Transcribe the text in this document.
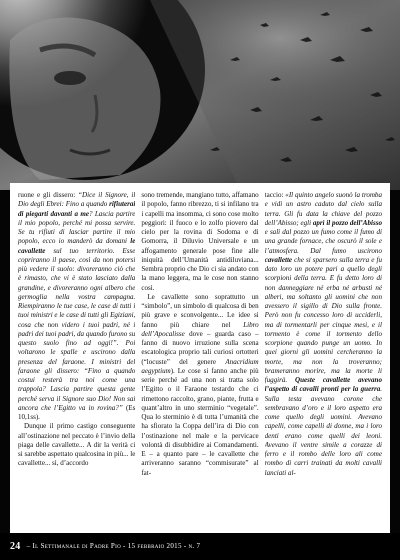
ruone e gli dissero: “Dice il Signore, il Dio degli Ebrei: Fino a quando rifiuterai di piegarti davanti a me? Lascia partire il mio popolo, perché mi possa servire. Se tu rifiuti di lasciar partire il mio popolo, ecco io manderò da domani le cavallette sul tuo territorio. Esse copriranno il paese, così da non potersi più vedere il suolo: divoreranno ciò che è rimasto, che vi è stato lasciato dalla grandine, e divoreranno ogni albero che germoglia nella vostra campagna. Riempiranno le tue case, le case di tutti i tuoi ministri e le case di tutti gli Egiziani, cosa che non videro i tuoi padri, né i padri dei tuoi padri, da quando furono su questo suolo fino ad oggi!”. Poi voltarono le spalle e uscirono dalla presenza del faraone. I ministri del faraone gli dissero: “Fino a quando costui resterà tra noi come una trappola? Lascia partire questa gente perché serva il Signore suo Dio! Non sai ancora che l’Egitto va in rovina?” (Es 10,1ss).

Dunque il primo castigo conseguente all’ostinazione nel peccato è l’invio della piaga delle cavallette... A dir la verità ci si sarebbe aspettato qualcosina in più... le cavallette... sì, d’accordo

sono tremende, mangiano tutto, affamano il popolo, fanno ribrezzo, ti si infilano tra i capelli ma insomma, ci sono cose molto peggiori: il fuoco e lo zolfo piovero dal cielo per la rovina di Sodoma e di Gomorra, il Diluvio Universale e un affogamento generale pose fine alle iniquità dell’Umanità antidiluviana... Sembra proprio che Dio ci sia andato con la mano leggera, ma le cose non stanno così.

Le cavallette sono soprattutto un “simbolo”, un simbolo di qualcosa di ben più grave e sconvolgente... Le idee si fanno più chiare nel Libro dell’Apocalisse dove – guarda caso – fanno di nuovo irruzione sulla scena escatologica proprio tali curiosi ortotteri (“locuste” del genere Anacridium aegyptium). Le cose si fanno anche più serie perché ad una non si tratta solo l’Egitto o il Faraone testardo che ci rimettono raccolto, grano, piante, frutta e quant’altro in uno sterminio “vegetale”. Qua lo sterminio è di tutta l’umanità che ha sfiorato la Coppa dell’ira di Dio con l’ostinazione nel male e la pervicace volontà di disubbidire ai Comandamenti. E – a quanto pare – le cavallette che arriveranno saranno “commisurate” al fat-

taccio: «Il quinto angelo suonò la tromba e vidi un astro caduto dal cielo sulla terra. Gli fu data la chiave del pozzo dell’Abisso; egli aprì il pozzo dell’Abisso e salì dal pozzo un fumo come il fumo di una grande fornace, che oscurò il sole e l’atmosfera. Dal fumo uscirono cavallette che si sparsero sulla terra e fu dato loro un potere pari a quello degli scorpioni della terra. E fu detto loro di non danneggiare né erba né arbusti né alberi, ma soltanto gli uomini che non avessero il sigillo di Dio sulla fronte. Però non fu concesso loro di ucciderli, ma di tormentarli per cinque mesi, e il tormento è come il tormento dello scorpione quando punge un uomo. In quei giorni gli uomini cercheranno la morte, ma non la troveranno; brameranno morire, ma la morte li fuggirà. Queste cavallette avevano l’aspetto di cavalli pronti per la guerra. Sulla testa avevano corone che sembravano d’oro e il loro aspetto era come quello degli uomini. Avevano capelli, come capelli di donne, ma i loro denti erano come quelli dei leoni. Avevano il ventre simile a corazze di ferro e il rombo delle loro ali come rombo di carri trainati da molti cavalli lanciati al-

24 – Il Settimanale di Padre Pio - 15 febbraio 2015 - n. 7
